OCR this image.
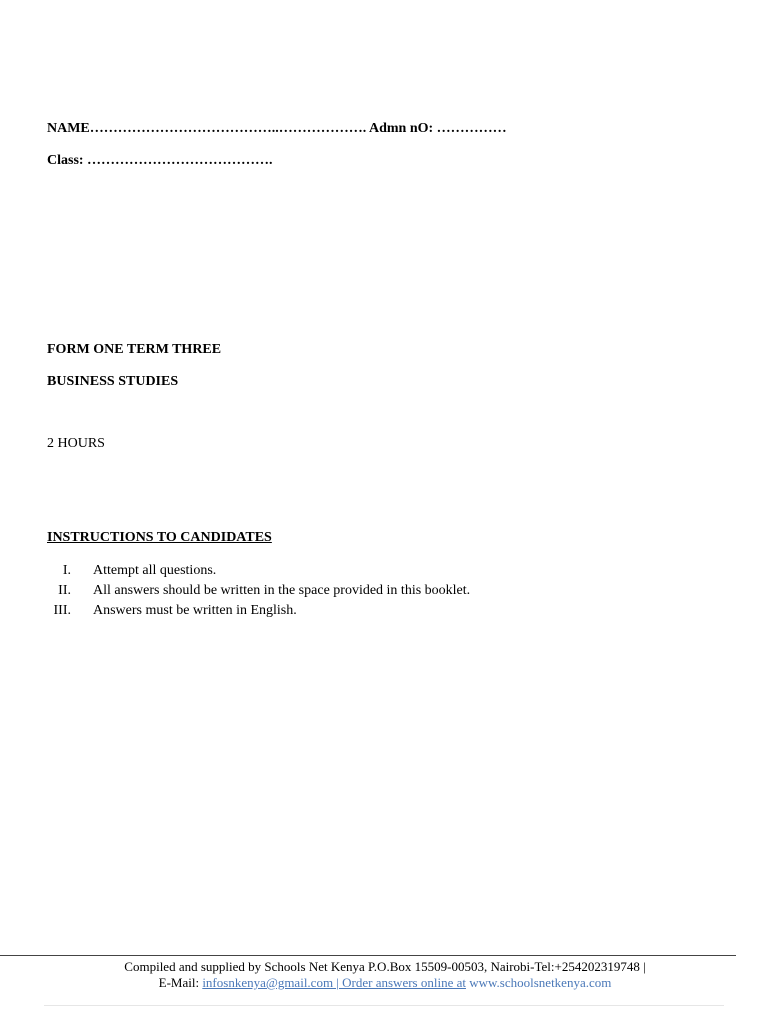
NAME…………………………………..………………. Admn nO: ……………
Class: ………………………………….
FORM ONE TERM THREE
BUSINESS STUDIES
2 HOURS
INSTRUCTIONS TO CANDIDATES
I. Attempt all questions.
II. All answers should be written in the space provided in this booklet.
III. Answers must be written in English.
Compiled and supplied by Schools Net Kenya P.O.Box 15509-00503, Nairobi-Tel:+254202319748 |
E-Mail: infosnkenya@gmail.com | Order answers online at www.schoolsnetkenya.com
